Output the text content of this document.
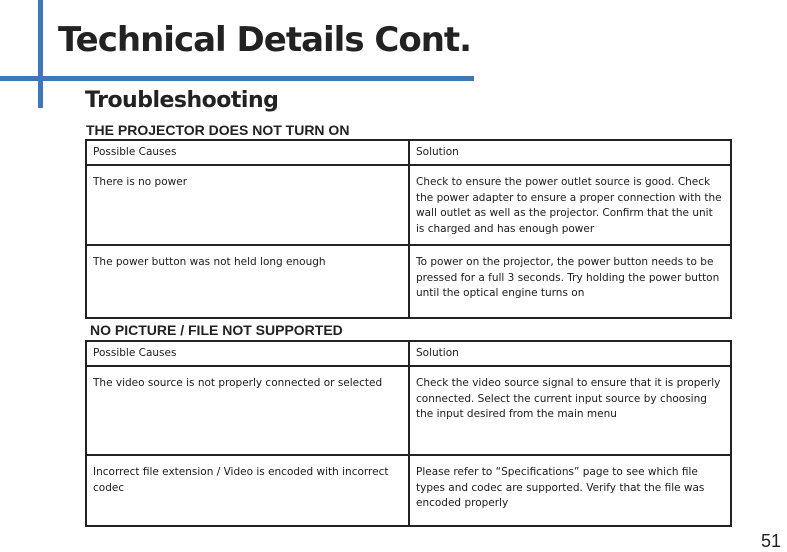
Technical Details Cont.
Troubleshooting
THE PROJECTOR DOES NOT TURN ON
Possible Causes	Solution
There is no power	Check to ensure the power outlet source is good. Check the power adapter to ensure a proper connection with the wall outlet as well as the projector. Confirm that the unit is charged and has enough power
The power button was not held long enough	To power on the projector, the power button needs to be pressed for a full 3 seconds. Try holding the power button until the optical engine turns on
NO PICTURE / FILE NOT SUPPORTED
Possible Causes	Solution
The video source is not properly connected or selected	Check the video source signal to ensure that it is properly connected. Select the current input source by choosing the input desired from the main menu
Incorrect file extension / Video is encoded with incorrect codec	Please refer to “Specifications” page to see which file types and codec are supported. Verify that the file was encoded properly
51
